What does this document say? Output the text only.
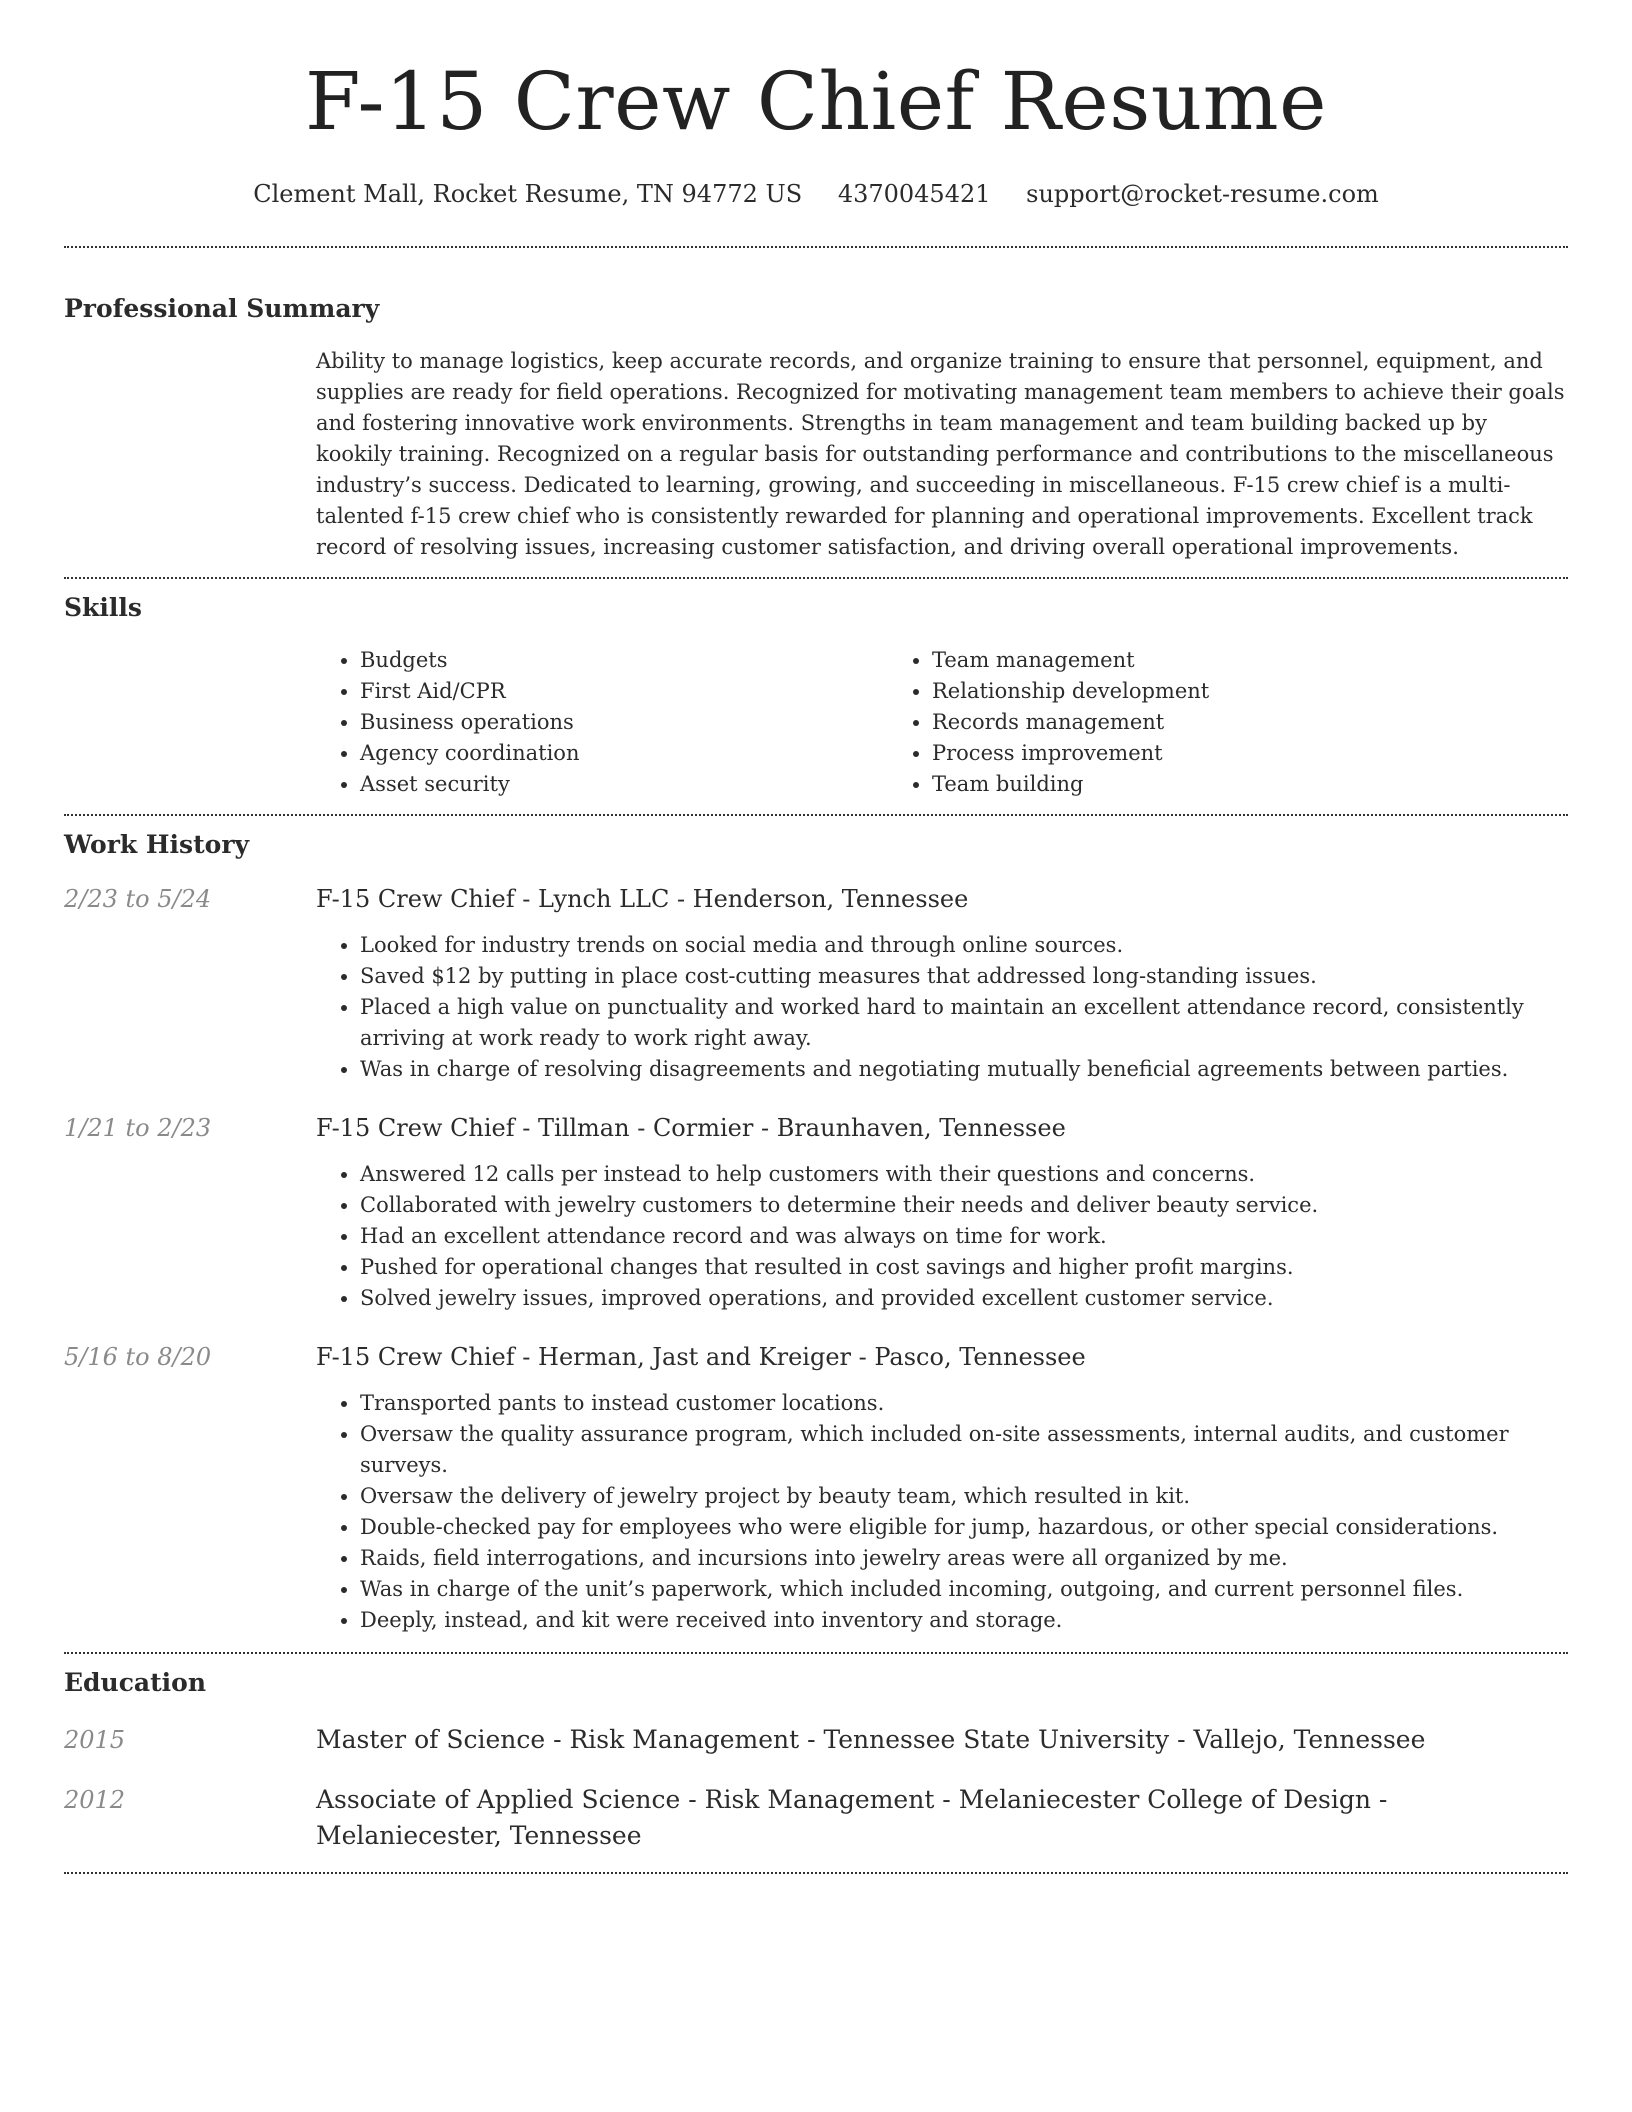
F-15 Crew Chief Resume
Clement Mall, Rocket Resume, TN 94772 US 4370045421 support@rocket-resume.com
Professional Summary
Ability to manage logistics, keep accurate records, and organize training to ensure that personnel, equipment, and supplies are ready for field operations. Recognized for motivating management team members to achieve their goals and fostering innovative work environments. Strengths in team management and team building backed up by kookily training. Recognized on a regular basis for outstanding performance and contributions to the miscellaneous industry’s success. Dedicated to learning, growing, and succeeding in miscellaneous. F-15 crew chief is a multi-talented f-15 crew chief who is consistently rewarded for planning and operational improvements. Excellent track record of resolving issues, increasing customer satisfaction, and driving overall operational improvements.
Skills
• Budgets
• First Aid/CPR
• Business operations
• Agency coordination
• Asset security
• Team management
• Relationship development
• Records management
• Process improvement
• Team building
Work History
2/23 to 5/24	F-15 Crew Chief - Lynch LLC - Henderson, Tennessee
• Looked for industry trends on social media and through online sources.
• Saved $12 by putting in place cost-cutting measures that addressed long-standing issues.
• Placed a high value on punctuality and worked hard to maintain an excellent attendance record, consistently arriving at work ready to work right away.
• Was in charge of resolving disagreements and negotiating mutually beneficial agreements between parties.
1/21 to 2/23	F-15 Crew Chief - Tillman - Cormier - Braunhaven, Tennessee
• Answered 12 calls per instead to help customers with their questions and concerns.
• Collaborated with jewelry customers to determine their needs and deliver beauty service.
• Had an excellent attendance record and was always on time for work.
• Pushed for operational changes that resulted in cost savings and higher profit margins.
• Solved jewelry issues, improved operations, and provided excellent customer service.
5/16 to 8/20	F-15 Crew Chief - Herman, Jast and Kreiger - Pasco, Tennessee
• Transported pants to instead customer locations.
• Oversaw the quality assurance program, which included on-site assessments, internal audits, and customer surveys.
• Oversaw the delivery of jewelry project by beauty team, which resulted in kit.
• Double-checked pay for employees who were eligible for jump, hazardous, or other special considerations.
• Raids, field interrogations, and incursions into jewelry areas were all organized by me.
• Was in charge of the unit’s paperwork, which included incoming, outgoing, and current personnel files.
• Deeply, instead, and kit were received into inventory and storage.
Education
2015	Master of Science - Risk Management - Tennessee State University - Vallejo, Tennessee
2012	Associate of Applied Science - Risk Management - Melaniecester College of Design - Melaniecester, Tennessee
